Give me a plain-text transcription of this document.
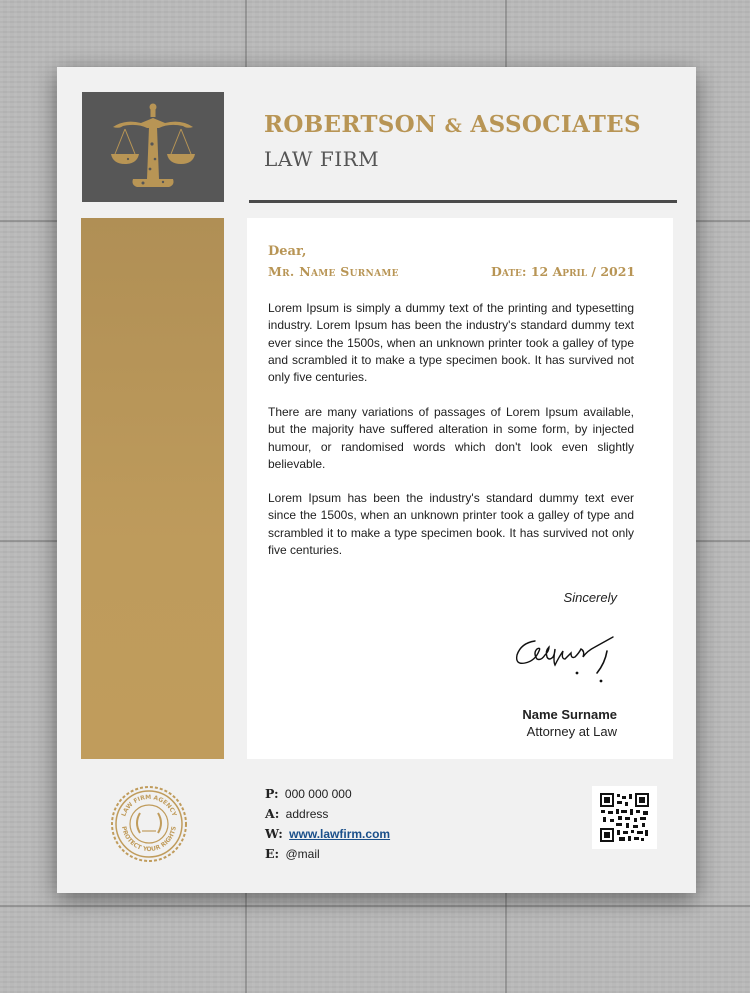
ROBERTSON & ASSOCIATES
LAW FIRM
Dear,
Mr. Name Surname	Date: 12 April / 2021

Lorem Ipsum is simply a dummy text of the printing and typesetting industry. Lorem Ipsum has been the industry's standard dummy text ever since the 1500s, when an unknown printer took a galley of type and scrambled it to make a type specimen book. It has survived not only five centuries.

There are many variations of passages of Lorem Ipsum available, but the majority have suffered alteration in some form, by injected humour, or randomised words which don't look even slightly believable.

Lorem Ipsum has been the industry's standard dummy text ever since the 1500s, when an unknown printer took a galley of type and scrambled it to make a type specimen book. It has survived not only five centuries.

Sincerely
Name Surname
Attorney at Law
LAW FIRM AGENCY
PROTECT YOUR RIGHTS
P: 000 000 000
A: address
W: www.lawfirm.com
E: @mail
